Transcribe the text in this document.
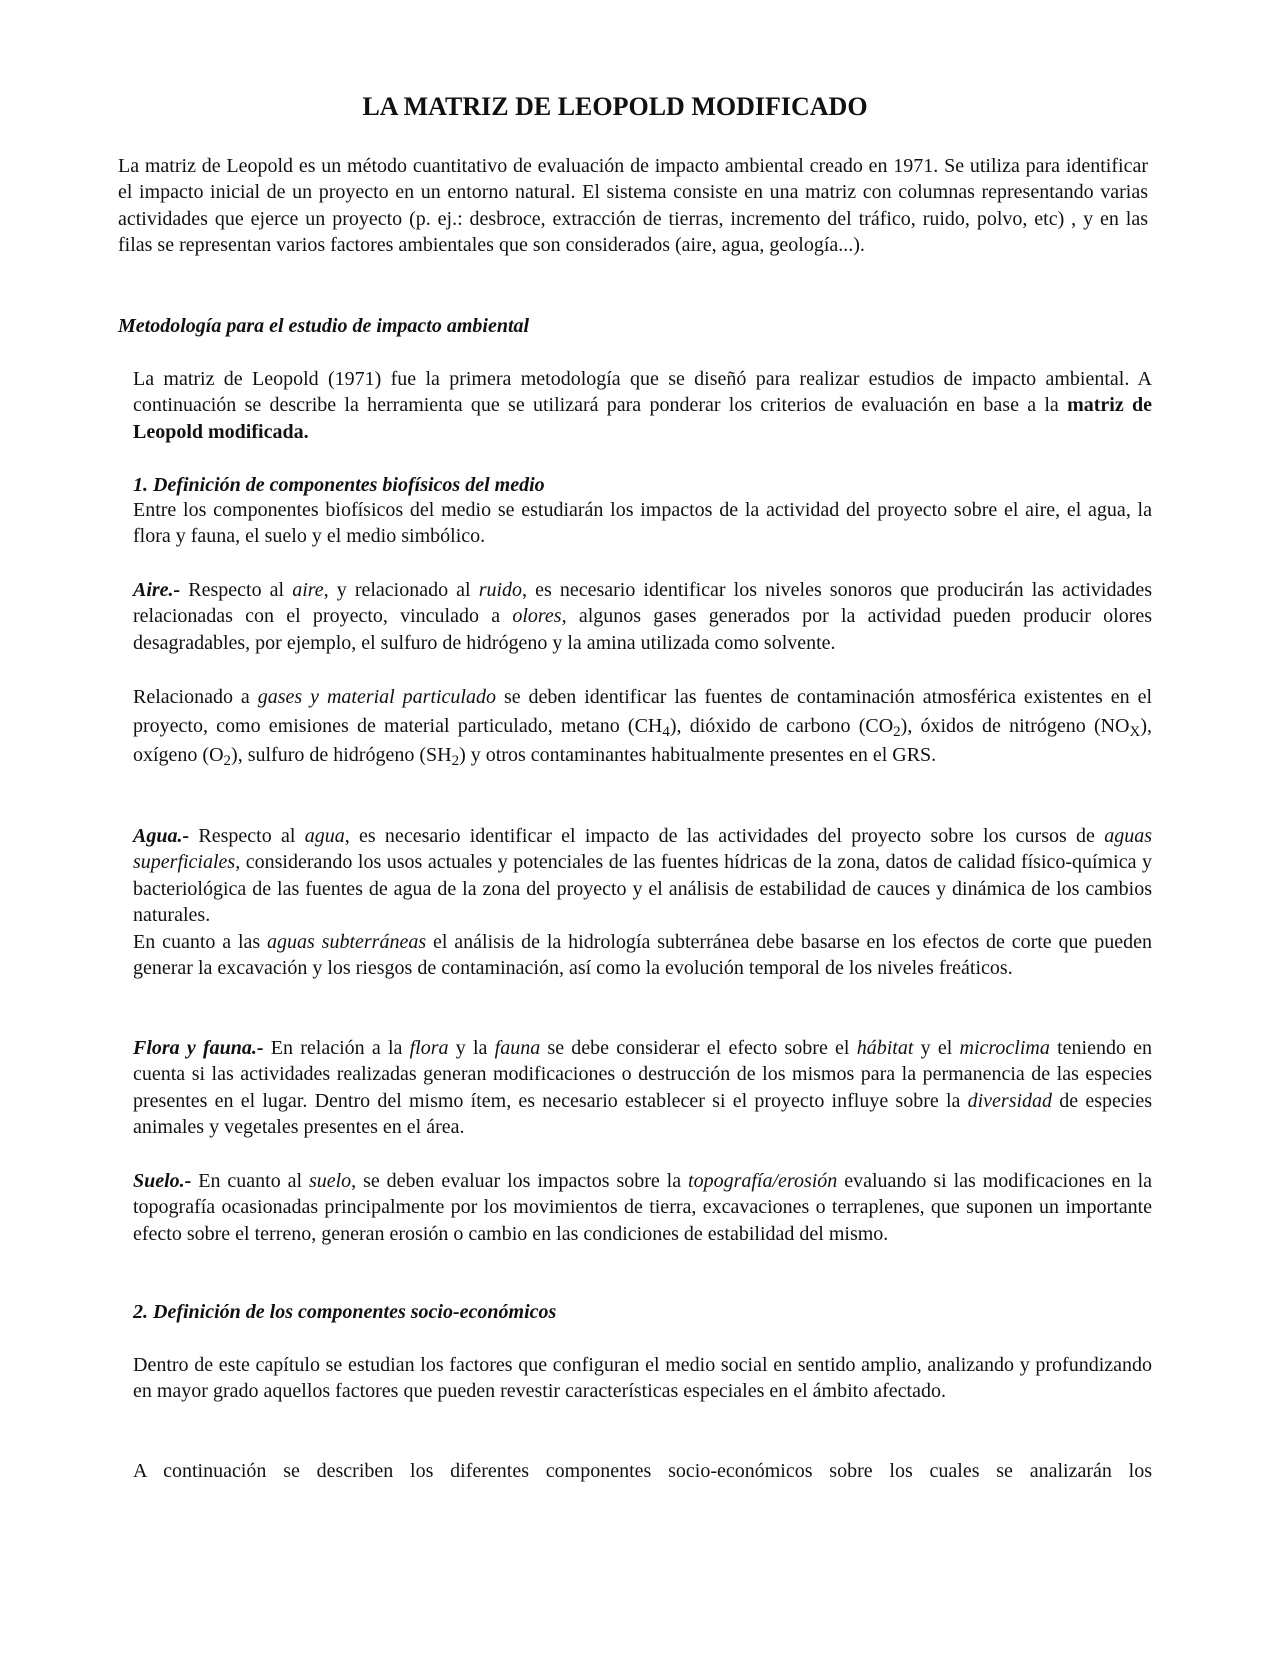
LA MATRIZ DE LEOPOLD MODIFICADO

La matriz de Leopold es un método cuantitativo de evaluación de impacto ambiental creado en 1971. Se utiliza para identificar el impacto inicial de un proyecto en un entorno natural. El sistema consiste en una matriz con columnas representando varias actividades que ejerce un proyecto (p. ej.: desbroce, extracción de tierras, incremento del tráfico, ruido, polvo, etc) , y en las filas se representan varios factores ambientales que son considerados (aire, agua, geología...).

Metodología para el estudio de impacto ambiental

La matriz de Leopold (1971) fue la primera metodología que se diseñó para realizar estudios de impacto ambiental. A continuación se describe la herramienta que se utilizará para ponderar los criterios de evaluación en base a la matriz de Leopold modificada.

1. Definición de componentes biofísicos del medio

Entre los componentes biofísicos del medio se estudiarán los impactos de la actividad del proyecto sobre el aire, el agua, la flora y fauna, el suelo y el medio simbólico.

Aire.- Respecto al aire, y relacionado al ruido, es necesario identificar los niveles sonoros que producirán las actividades relacionadas con el proyecto, vinculado a olores, algunos gases generados por la actividad pueden producir olores desagradables, por ejemplo, el sulfuro de hidrógeno y la amina utilizada como solvente.

Relacionado a gases y material particulado se deben identificar las fuentes de contaminación atmosférica existentes en el proyecto, como emisiones de material particulado, metano $(CH_4)$, dióxido de carbono $(CO_2)$, óxidos de nitrógeno $(NO_X)$, oxígeno $(O_2)$, sulfuro de hidrógeno $(SH_2)$ y otros contaminantes habitualmente presentes en el GRS.

Agua.- Respecto al agua, es necesario identificar el impacto de las actividades del proyecto sobre los cursos de aguas superficiales, considerando los usos actuales y potenciales de las fuentes hídricas de la zona, datos de calidad físico-química y bacteriológica de las fuentes de agua de la zona del proyecto y el análisis de estabilidad de cauces y dinámica de los cambios naturales.

En cuanto a las aguas subterráneas el análisis de la hidrología subterránea debe basarse en los efectos de corte que pueden generar la excavación y los riesgos de contaminación, así como la evolución temporal de los niveles freáticos.

Flora y fauna.- En relación a la flora y la fauna se debe considerar el efecto sobre el hábitat y el microclima teniendo en cuenta si las actividades realizadas generan modificaciones o destrucción de los mismos para la permanencia de las especies presentes en el lugar. Dentro del mismo ítem, es necesario establecer si el proyecto influye sobre la diversidad de especies animales y vegetales presentes en el área.

Suelo.- En cuanto al suelo, se deben evaluar los impactos sobre la topografía/erosión evaluando si las modificaciones en la topografía ocasionadas principalmente por los movimientos de tierra, excavaciones o terraplenes, que suponen un importante efecto sobre el terreno, generan erosión o cambio en las condiciones de estabilidad del mismo.

2. Definición de los componentes socio-económicos

Dentro de este capítulo se estudian los factores que configuran el medio social en sentido amplio, analizando y profundizando en mayor grado aquellos factores que pueden revestir características especiales en el ámbito afectado.

A continuación se describen los diferentes componentes socio-económicos sobre los cuales se analizarán los
